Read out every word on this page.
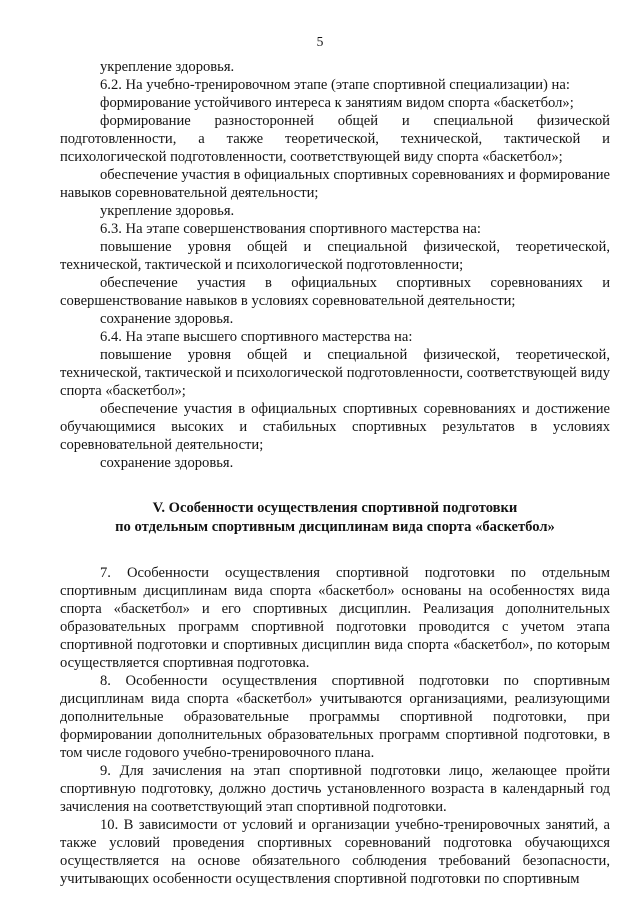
5

укрепление здоровья.

6.2. На учебно-тренировочном этапе (этапе спортивной специализации) на:

формирование устойчивого интереса к занятиям видом спорта «баскетбол»;

формирование разносторонней общей и специальной физической подготовленности, а также теоретической, технической, тактической и психологической подготовленности, соответствующей виду спорта «баскетбол»;

обеспечение участия в официальных спортивных соревнованиях и формирование навыков соревновательной деятельности;

укрепление здоровья.

6.3. На этапе совершенствования спортивного мастерства на:

повышение уровня общей и специальной физической, теоретической, технической, тактической и психологической подготовленности;

обеспечение участия в официальных спортивных соревнованиях и совершенствование навыков в условиях соревновательной деятельности;

сохранение здоровья.

6.4. На этапе высшего спортивного мастерства на:

повышение уровня общей и специальной физической, теоретической, технической, тактической и психологической подготовленности, соответствующей виду спорта «баскетбол»;

обеспечение участия в официальных спортивных соревнованиях и достижение обучающимися высоких и стабильных спортивных результатов в условиях соревновательной деятельности;

сохранение здоровья.

V. Особенности осуществления спортивной подготовки
по отдельным спортивным дисциплинам вида спорта «баскетбол»

7. Особенности осуществления спортивной подготовки по отдельным спортивным дисциплинам вида спорта «баскетбол» основаны на особенностях вида спорта «баскетбол» и его спортивных дисциплин. Реализация дополнительных образовательных программ спортивной подготовки проводится с учетом этапа спортивной подготовки и спортивных дисциплин вида спорта «баскетбол», по которым осуществляется спортивная подготовка.

8. Особенности осуществления спортивной подготовки по спортивным дисциплинам вида спорта «баскетбол» учитываются организациями, реализующими дополнительные образовательные программы спортивной подготовки, при формировании дополнительных образовательных программ спортивной подготовки, в том числе годового учебно-тренировочного плана.

9. Для зачисления на этап спортивной подготовки лицо, желающее пройти спортивную подготовку, должно достичь установленного возраста в календарный год зачисления на соответствующий этап спортивной подготовки.

10. В зависимости от условий и организации учебно-тренировочных занятий, а также условий проведения спортивных соревнований подготовка обучающихся осуществляется на основе обязательного соблюдения требований безопасности, учитывающих особенности осуществления спортивной подготовки по спортивным
